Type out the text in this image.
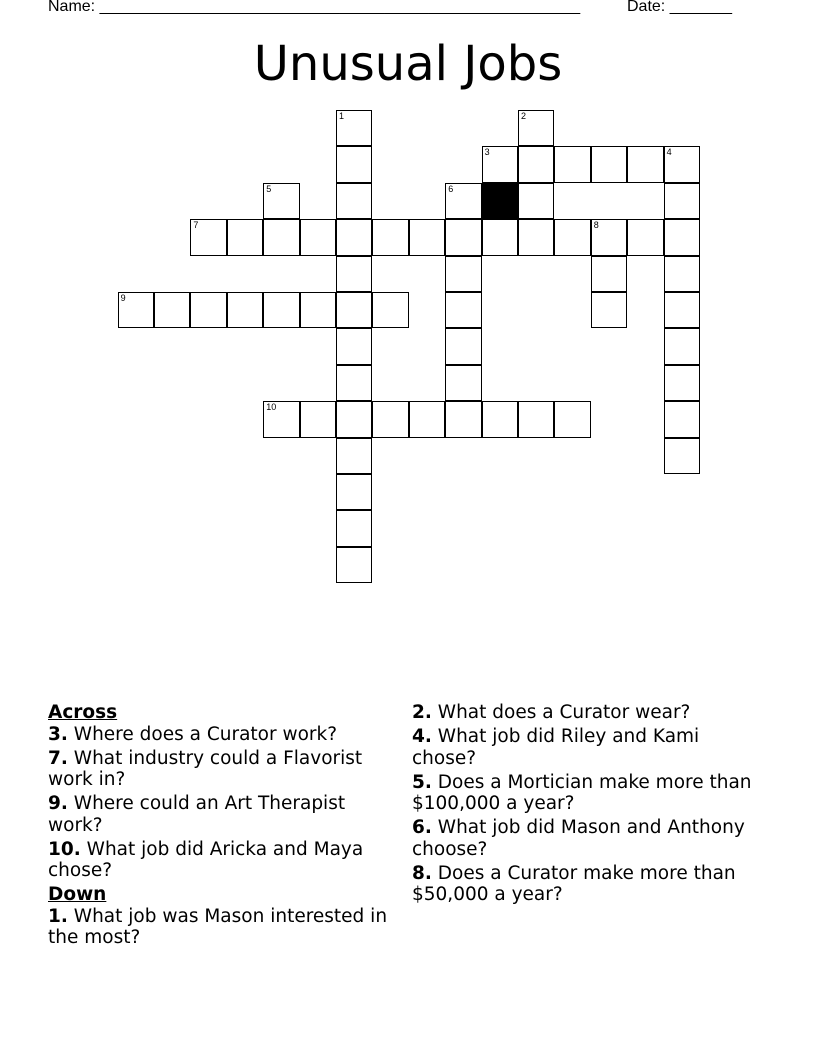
Name: ______________________________________________________	Date: _______
Unusual Jobs
1	2
3	4
5	6
7	8
9
10
Across
3. Where does a Curator work?
7. What industry could a Flavorist work in?
9. Where could an Art Therapist work?
10. What job did Aricka and Maya chose?
Down
1. What job was Mason interested in the most?
2. What does a Curator wear?
4. What job did Riley and Kami chose?
5. Does a Mortician make more than $100,000 a year?
6. What job did Mason and Anthony choose?
8. Does a Curator make more than $50,000 a year?
